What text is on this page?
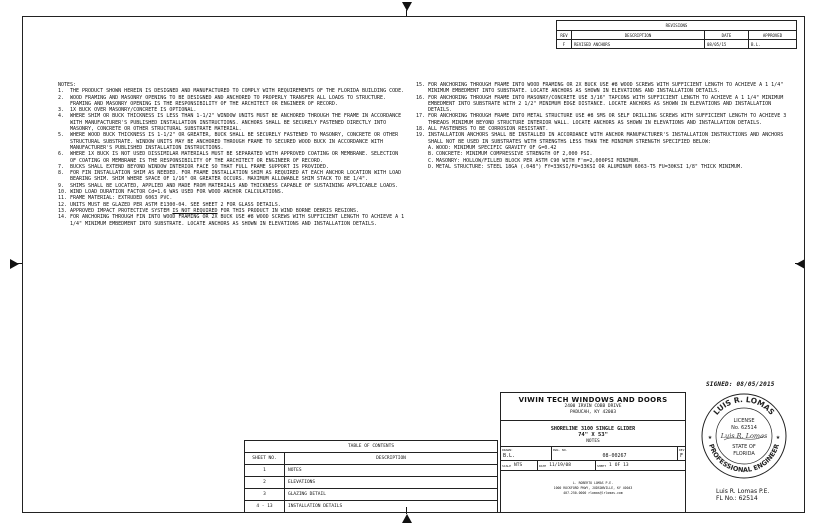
REVISIONS
REV	DESCRIPTION	DATE	APPROVED
F	REVISED ANCHORS	08/05/15	B.L.
NOTES:
1.	THE PRODUCT SHOWN HEREIN IS DESIGNED AND MANUFACTURED TO COMPLY WITH REQUIREMENTS OF THE FLORIDA BUILDING CODE.
2.	WOOD FRAMING AND MASONRY OPENING TO BE DESIGNED AND ANCHORED TO PROPERLY TRANSFER ALL LOADS TO STRUCTURE. FRAMING AND MASONRY OPENING IS THE RESPONSIBILITY OF THE ARCHITECT OR ENGINEER OF RECORD.
3.	1X BUCK OVER MASONRY/CONCRETE IS OPTIONAL.
4.	WHERE SHIM OR BUCK THICKNESS IS LESS THAN 1-1/2" WINDOW UNITS MUST BE ANCHORED THROUGH THE FRAME IN ACCORDANCE WITH MANUFACTURER'S PUBLISHED INSTALLATION INSTRUCTIONS. ANCHORS SHALL BE SECURELY FASTENED DIRECTLY INTO MASONRY, CONCRETE OR OTHER STRUCTURAL SUBSTRATE MATERIAL.
5.	WHERE WOOD BUCK THICKNESS IS 1-1/2" OR GREATER, BUCK SHALL BE SECURELY FASTENED TO MASONRY, CONCRETE OR OTHER STRUCTURAL SUBSTRATE. WINDOW UNITS MAY BE ANCHORED THROUGH FRAME TO SECURED WOOD BUCK IN ACCORDANCE WITH MANUFACTURER'S PUBLISHED INSTALLATION INSTRUCTIONS.
6.	WHERE 1X BUCK IS NOT USED DISSIMILAR MATERIALS MUST BE SEPARATED WITH APPROVED COATING OR MEMBRANE. SELECTION OF COATING OR MEMBRANE IS THE RESPONSIBILITY OF THE ARCHITECT OR ENGINEER OF RECORD.
7.	BUCKS SHALL EXTEND BEYOND WINDOW INTERIOR FACE SO THAT FULL FRAME SUPPORT IS PROVIDED.
8.	FOR FIN INSTALLATION SHIM AS NEEDED. FOR FRAME INSTALLATION SHIM AS REQUIRED AT EACH ANCHOR LOCATION WITH LOAD BEARING SHIM. SHIM WHERE SPACE OF 1/16" OR GREATER OCCURS. MAXIMUM ALLOWABLE SHIM STACK TO BE 1/4".
9.	SHIMS SHALL BE LOCATED, APPLIED AND MADE FROM MATERIALS AND THICKNESS CAPABLE OF SUSTAINING APPLICABLE LOADS.
10. WIND LOAD DURATION FACTOR Cd=1.6 WAS USED FOR WOOD ANCHOR CALCULATIONS.
11. FRAME MATERIAL: EXTRUDED 6063 PVC.
12. UNITS MUST BE GLAZED PER ASTM E1300-04. SEE SHEET 2 FOR GLASS DETAILS.
13. APPROVED IMPACT PROTECTIVE SYSTEM IS NOT REQUIRED FOR THIS PRODUCT IN WIND BORNE DEBRIS REGIONS.
14. FOR ANCHORING THROUGH FIN INTO WOOD FRAMING OR 2X BUCK USE #8 WOOD SCREWS WITH SUFFICIENT LENGTH TO ACHIEVE A 1 1/4" MINIMUM EMBEDMENT INTO SUBSTRATE. LOCATE ANCHORS AS SHOWN IN ELEVATIONS AND INSTALLATION DETAILS.
15. FOR ANCHORING THROUGH FRAME INTO WOOD FRAMING OR 2X BUCK USE #8 WOOD SCREWS WITH SUFFICIENT LENGTH TO ACHIEVE A 1 1/4" MINIMUM EMBEDMENT INTO SUBSTRATE. LOCATE ANCHORS AS SHOWN IN ELEVATIONS AND INSTALLATION DETAILS.
16. FOR ANCHORING THROUGH FRAME INTO MASONRY/CONCRETE USE 3/16" TAPCONS WITH SUFFICIENT LENGTH TO ACHIEVE A 1 1/4" MINIMUM EMBEDMENT INTO SUBSTRATE WITH 2 1/2" MINIMUM EDGE DISTANCE. LOCATE ANCHORS AS SHOWN IN ELEVATIONS AND INSTALLATION DETAILS.
17. FOR ANCHORING THROUGH FRAME INTO METAL STRUCTURE USE #8 SMS OR SELF DRILLING SCREWS WITH SUFFICIENT LENGTH TO ACHIEVE 3 THREADS MINIMUM BEYOND STRUCTURE INTERIOR WALL. LOCATE ANCHORS AS SHOWN IN ELEVATIONS AND INSTALLATION DETAILS.
18. ALL FASTENERS TO BE CORROSION RESISTANT.
19. INSTALLATION ANCHORS SHALL BE INSTALLED IN ACCORDANCE WITH ANCHOR MANUFACTURER'S INSTALLATION INSTRUCTIONS AND ANCHORS SHALL NOT BE USED IN SUBSTRATES WITH STRENGTHS LESS THAN THE MINIMUM STRENGTH SPECIFIED BELOW:
A. WOOD: MINIMUM SPECIFIC GRAVITY OF G=0.42
B. CONCRETE: MINIMUM COMPRESSIVE STRENGTH OF 2,000 PSI.
C. MASONRY: HOLLOW/FILLED BLOCK PER ASTM C90 WITH F'm=2,000PSI MINIMUM.
D. METAL STRUCTURE: STEEL 18GA (.048") FY=33KSI/FU=33KSI OR ALUMINUM 6063-T5 FU=30KSI 1/8" THICK MINIMUM.
SIGNED: 08/05/2015
TABLE OF CONTENTS
SHEET NO.	DESCRIPTION
1	NOTES
2	ELEVATIONS
3	GLAZING DETAIL
4 - 13	INSTALLATION DETAILS
VIWIN TECH WINDOWS AND DOORS
2400 IRVIN COBB DRIVE
PADUCAH, KY 42003
SHORELINE 3100 SINGLE GLIDER
74" X 53"
NOTES
DRAWN:
B.L.
DWG. NO.
08-00267
REV
F
SCALE NTS	DATE 11/19/08	SHEET 1 OF 13
L. ROBERTO LOMAS P.E.
1000 ROCKFORD PKWY, JUDSONVILLE, KY 40043
407-250-0000 rlomas@lrlomas.com
LUIS R. LOMAS
PROFESSIONAL ENGINEER
LICENSE
No. 62514
Luis R. Lomas
STATE OF
FLORIDA
★	★
Luis R. Lomas P.E.
FL No.: 62514
